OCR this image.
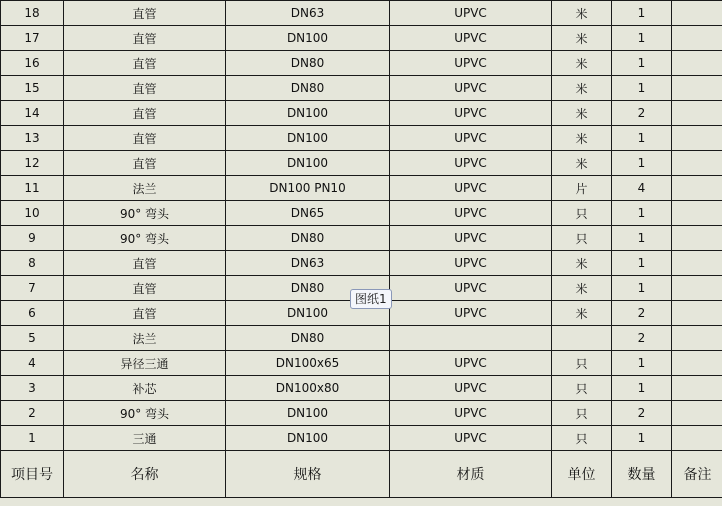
18	直管	DN63	UPVC	米	1	
17	直管	DN100	UPVC	米	1	
16	直管	DN80	UPVC	米	1	
15	直管	DN80	UPVC	米	1	
14	直管	DN100	UPVC	米	2	
13	直管	DN100	UPVC	米	1	
12	直管	DN100	UPVC	米	1	
11	法兰	DN100 PN10	UPVC	片	4	
10	90° 弯头	DN65	UPVC	只	1	
9	90° 弯头	DN80	UPVC	只	1	
8	直管	DN63	UPVC	米	1	
7	直管	DN80	UPVC	米	1	
6	直管	DN100	UPVC	米	2	
5	法兰	DN80			2	
4	异径三通	DN100x65	UPVC	只	1	
3	补芯	DN100x80	UPVC	只	1	
2	90° 弯头	DN100	UPVC	只	2	
1	三通	DN100	UPVC	只	1	
项目号	名称	规格	材质	单位	数量	备注
图纸1
